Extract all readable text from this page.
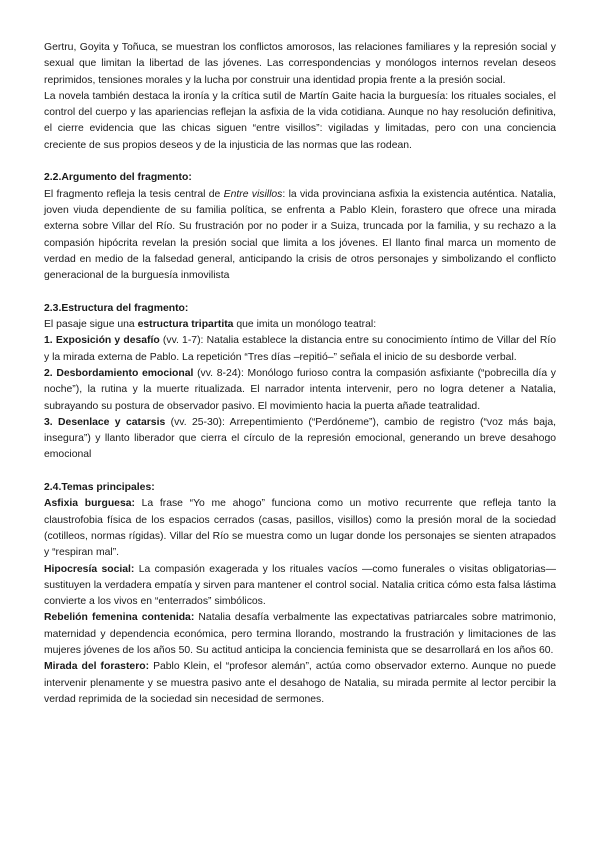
Gertru, Goyita y Toñuca, se muestran los conflictos amorosos, las relaciones familiares y la represión social y sexual que limitan la libertad de las jóvenes. Las correspondencias y monólogos internos revelan deseos reprimidos, tensiones morales y la lucha por construir una identidad propia frente a la presión social.

La novela también destaca la ironía y la crítica sutil de Martín Gaite hacia la burguesía: los rituales sociales, el control del cuerpo y las apariencias reflejan la asfixia de la vida cotidiana. Aunque no hay resolución definitiva, el cierre evidencia que las chicas siguen “entre visillos”: vigiladas y limitadas, pero con una conciencia creciente de sus propios deseos y de la injusticia de las normas que las rodean.

2.2.Argumento del fragmento:

El fragmento refleja la tesis central de Entre visillos: la vida provinciana asfixia la existencia auténtica. Natalia, joven viuda dependiente de su familia política, se enfrenta a Pablo Klein, forastero que ofrece una mirada externa sobre Villar del Río. Su frustración por no poder ir a Suiza, truncada por la familia, y su rechazo a la compasión hipócrita revelan la presión social que limita a los jóvenes. El llanto final marca un momento de verdad en medio de la falsedad general, anticipando la crisis de otros personajes y simbolizando el conflicto generacional de la burguesía inmovilista

2.3.Estructura del fragmento:

El pasaje sigue una estructura tripartita que imita un monólogo teatral:

1. Exposición y desafío (vv. 1-7): Natalia establece la distancia entre su conocimiento íntimo de Villar del Río y la mirada externa de Pablo. La repetición “Tres días –repitió–” señala el inicio de su desborde verbal.

2. Desbordamiento emocional (vv. 8-24): Monólogo furioso contra la compasión asfixiante (“pobrecilla día y noche”), la rutina y la muerte ritualizada. El narrador intenta intervenir, pero no logra detener a Natalia, subrayando su postura de observador pasivo. El movimiento hacia la puerta añade teatralidad.

3. Desenlace y catarsis (vv. 25-30): Arrepentimiento (“Perdóneme”), cambio de registro (“voz más baja, insegura”) y llanto liberador que cierra el círculo de la represión emocional, generando un breve desahogo emocional

2.4.Temas principales:

Asfixia burguesa: La frase “Yo me ahogo” funciona como un motivo recurrente que refleja tanto la claustrofobia física de los espacios cerrados (casas, pasillos, visillos) como la presión moral de la sociedad (cotilleos, normas rígidas). Villar del Río se muestra como un lugar donde los personajes se sienten atrapados y “respiran mal”.

Hipocresía social: La compasión exagerada y los rituales vacíos —como funerales o visitas obligatorias— sustituyen la verdadera empatía y sirven para mantener el control social. Natalia critica cómo esta falsa lástima convierte a los vivos en “enterrados” simbólicos.

Rebelión femenina contenida: Natalia desafía verbalmente las expectativas patriarcales sobre matrimonio, maternidad y dependencia económica, pero termina llorando, mostrando la frustración y limitaciones de las mujeres jóvenes de los años 50. Su actitud anticipa la conciencia feminista que se desarrollará en los años 60.

Mirada del forastero: Pablo Klein, el “profesor alemán”, actúa como observador externo. Aunque no puede intervenir plenamente y se muestra pasivo ante el desahogo de Natalia, su mirada permite al lector percibir la verdad reprimida de la sociedad sin necesidad de sermones.
